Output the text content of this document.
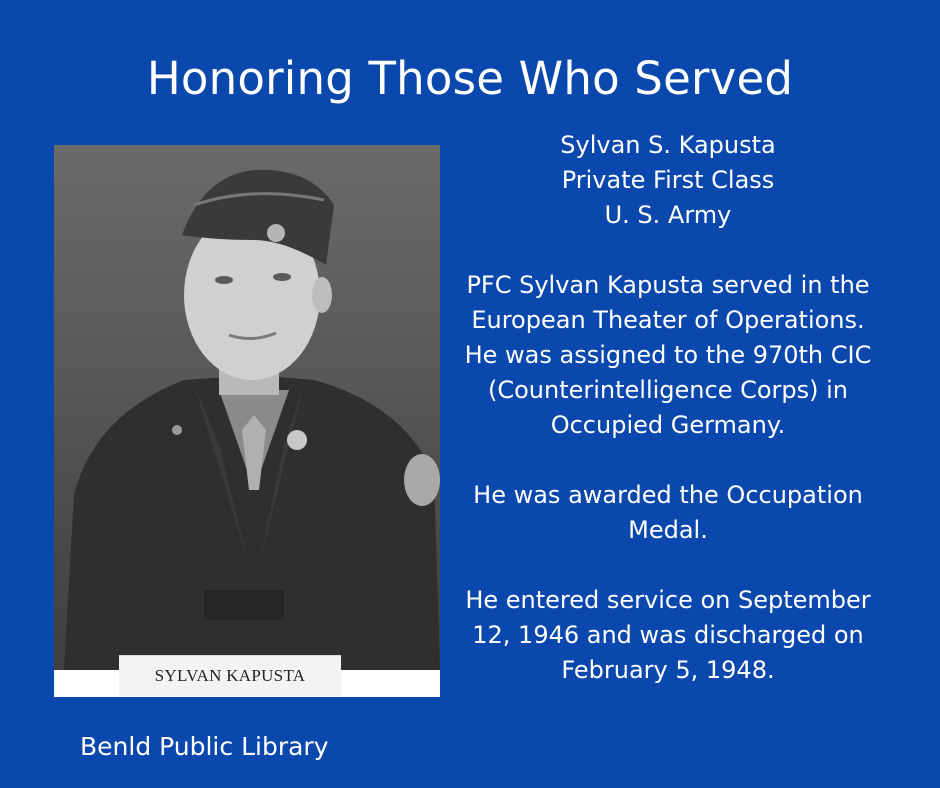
Honoring Those Who Served
SYLVAN KAPUSTA

Sylvan S. Kapusta

Private First Class

U. S. Army

PFC Sylvan Kapusta served in the European Theater of Operations. He was assigned to the 970th CIC (Counterintelligence Corps) in Occupied Germany.

He was awarded the Occupation Medal.

He entered service on September 12, 1946 and was discharged on February 5, 1948.

Benld Public Library
